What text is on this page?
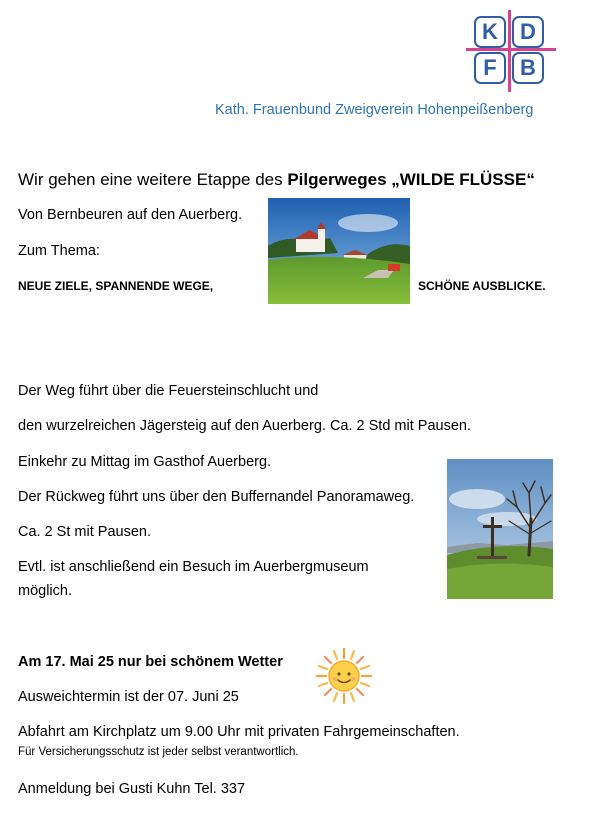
K	D
F	B
Kath. Frauenbund Zweigverein Hohenpeißenberg
Wir gehen eine weitere Etappe des Pilgerweges „WILDE FLÜSSE“
Von Bernbeuren auf den Auerberg.
Zum Thema:
NEUE ZIELE, SPANNENDE WEGE,	SCHÖNE AUSBLICKE.
Der Weg führt über die Feuersteinschlucht und
den wurzelreichen Jägersteig auf den Auerberg. Ca. 2 Std mit Pausen.
Einkehr zu Mittag im Gasthof Auerberg.
Der Rückweg führt uns über den Buffernandel Panoramaweg.
Ca. 2 St mit Pausen.
Evtl. ist anschließend ein Besuch im Auerbergmuseum
möglich.
Am 17. Mai 25 nur bei schönem Wetter
Ausweichtermin ist der 07. Juni 25
Abfahrt am Kirchplatz um 9.00 Uhr mit privaten Fahrgemeinschaften.
Für Versicherungsschutz ist jeder selbst verantwortlich.
Anmeldung bei Gusti Kuhn Tel. 337
